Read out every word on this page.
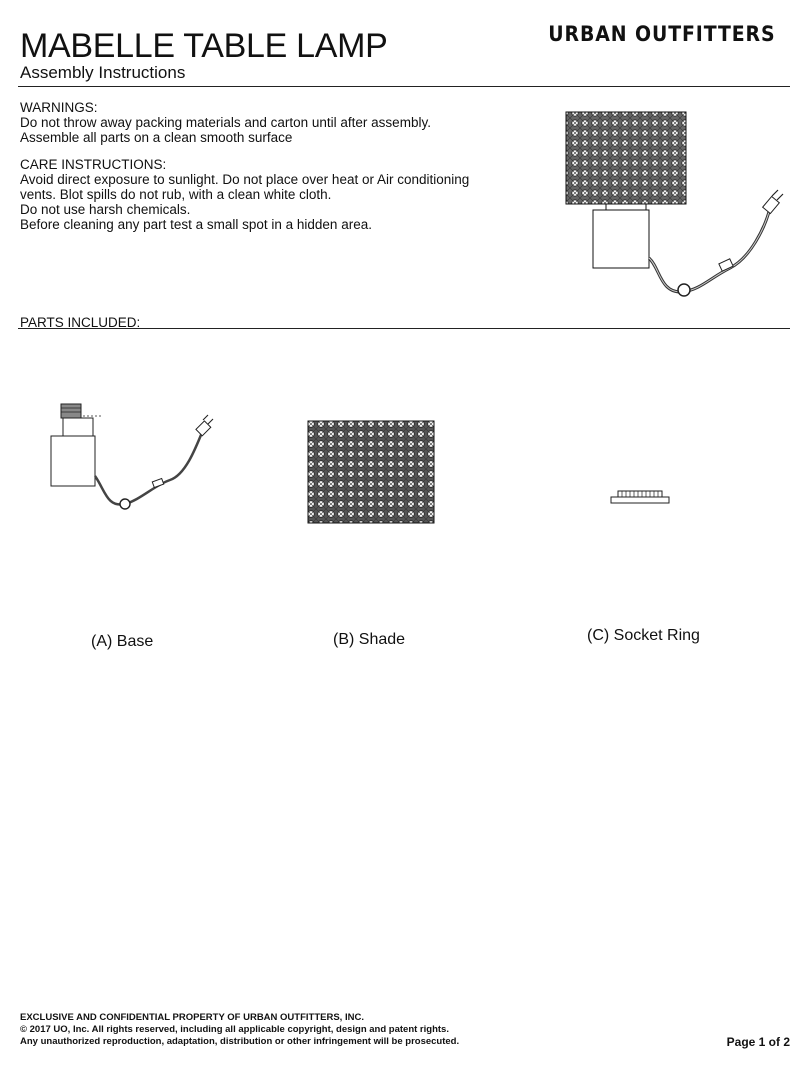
MABELLE TABLE LAMP
Assembly Instructions
URBAN OUTFITTERS
WARNINGS:
Do not throw away packing materials and carton until after assembly.
Assemble all parts on a clean smooth surface
CARE INSTRUCTIONS:
Avoid direct exposure to sunlight. Do not place over heat or Air conditioning
vents. Blot spills do not rub, with a clean white cloth.
Do not use harsh chemicals.
Before cleaning any part test a small spot in a hidden area.
PARTS INCLUDED:
(A) Base	(B) Shade	(C) Socket Ring
EXCLUSIVE AND CONFIDENTIAL PROPERTY OF URBAN OUTFITTERS, INC.
© 2017 UO, Inc. All rights reserved, including all applicable copyright, design and patent rights.
Any unauthorized reproduction, adaptation, distribution or other infringement will be prosecuted.	Page 1 of 2
